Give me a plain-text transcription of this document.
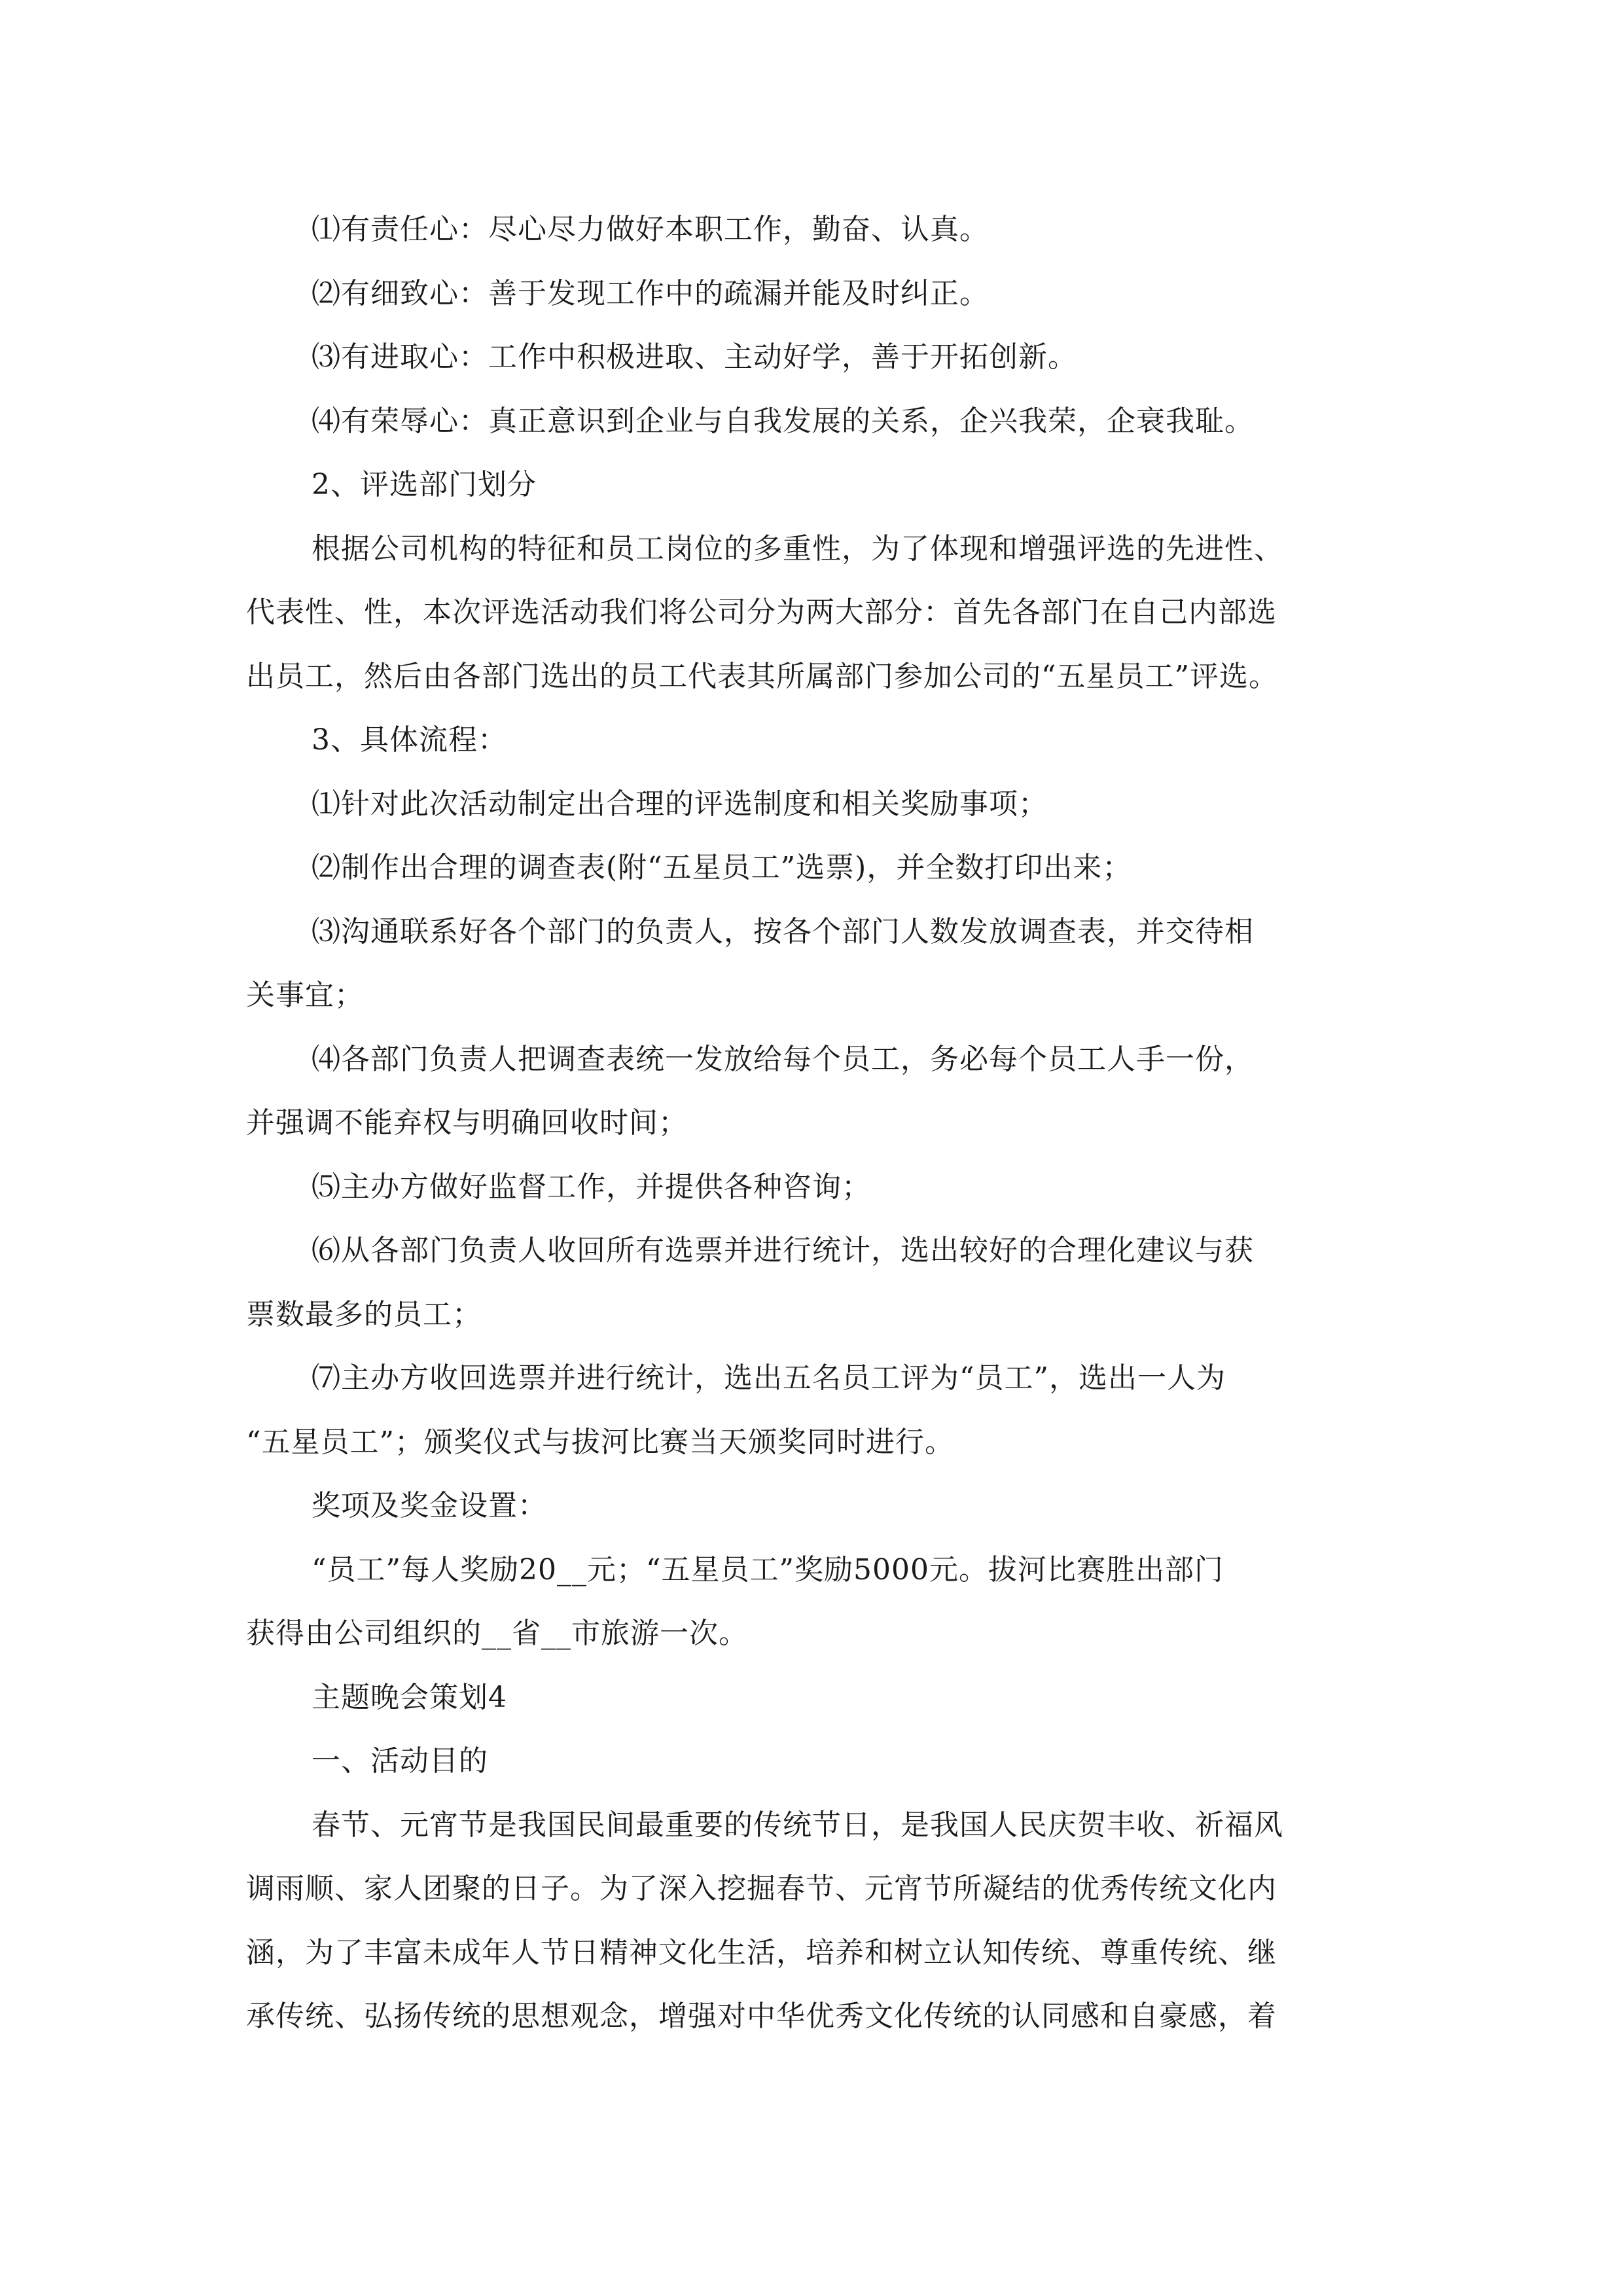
⑴有责任心：尽心尽力做好本职工作，勤奋、认真。

⑵有细致心：善于发现工作中的疏漏并能及时纠正。

⑶有进取心：工作中积极进取、主动好学，善于开拓创新。

⑷有荣辱心：真正意识到企业与自我发展的关系，企兴我荣，企衰我耻。

2、评选部门划分

根据公司机构的特征和员工岗位的多重性，为了体现和增强评选的先进性、

代表性、性，本次评选活动我们将公司分为两大部分：首先各部门在自己内部选

出员工，然后由各部门选出的员工代表其所属部门参加公司的“五星员工”评选。

3、具体流程：

⑴针对此次活动制定出合理的评选制度和相关奖励事项；

⑵制作出合理的调查表(附“五星员工”选票)，并全数打印出来；

⑶沟通联系好各个部门的负责人，按各个部门人数发放调查表，并交待相

关事宜；

⑷各部门负责人把调查表统一发放给每个员工，务必每个员工人手一份，

并强调不能弃权与明确回收时间；

⑸主办方做好监督工作，并提供各种咨询；

⑹从各部门负责人收回所有选票并进行统计，选出较好的合理化建议与获

票数最多的员工；

⑺主办方收回选票并进行统计，选出五名员工评为“员工”，选出一人为

“五星员工”；颁奖仪式与拔河比赛当天颁奖同时进行。

奖项及奖金设置：

“员工”每人奖励20__元；“五星员工”奖励5000元。拔河比赛胜出部门

获得由公司组织的__省__市旅游一次。

主题晚会策划4

一、活动目的

春节、元宵节是我国民间最重要的传统节日，是我国人民庆贺丰收、祈福风

调雨顺、家人团聚的日子。为了深入挖掘春节、元宵节所凝结的优秀传统文化内

涵，为了丰富未成年人节日精神文化生活，培养和树立认知传统、尊重传统、继

承传统、弘扬传统的思想观念，增强对中华优秀文化传统的认同感和自豪感，着
